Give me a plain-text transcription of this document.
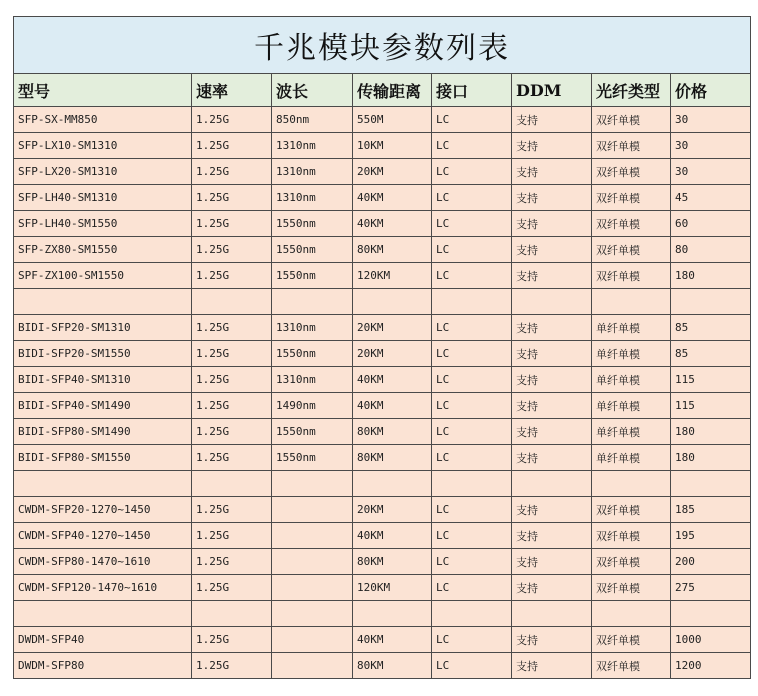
千兆模块参数列表							
型号	速率	波长	传输距离	接口	DDM	光纤类型	价格
SFP-SX-MM850	1.25G	850nm	550M	LC	支持	双纤单模	30
SFP-LX10-SM1310	1.25G	1310nm	10KM	LC	支持	双纤单模	30
SFP-LX20-SM1310	1.25G	1310nm	20KM	LC	支持	双纤单模	30
SFP-LH40-SM1310	1.25G	1310nm	40KM	LC	支持	双纤单模	45
SFP-LH40-SM1550	1.25G	1550nm	40KM	LC	支持	双纤单模	60
SFP-ZX80-SM1550	1.25G	1550nm	80KM	LC	支持	双纤单模	80
SPF-ZX100-SM1550	1.25G	1550nm	120KM	LC	支持	双纤单模	180

BIDI-SFP20-SM1310	1.25G	1310nm	20KM	LC	支持	单纤单模	85
BIDI-SFP20-SM1550	1.25G	1550nm	20KM	LC	支持	单纤单模	85
BIDI-SFP40-SM1310	1.25G	1310nm	40KM	LC	支持	单纤单模	115
BIDI-SFP40-SM1490	1.25G	1490nm	40KM	LC	支持	单纤单模	115
BIDI-SFP80-SM1490	1.25G	1550nm	80KM	LC	支持	单纤单模	180
BIDI-SFP80-SM1550	1.25G	1550nm	80KM	LC	支持	单纤单模	180

CWDM-SFP20-1270~1450	1.25G		20KM	LC	支持	双纤单模	185
CWDM-SFP40-1270~1450	1.25G		40KM	LC	支持	双纤单模	195
CWDM-SFP80-1470~1610	1.25G		80KM	LC	支持	双纤单模	200
CWDM-SFP120-1470~1610	1.25G		120KM	LC	支持	双纤单模	275

DWDM-SFP40	1.25G		40KM	LC	支持	双纤单模	1000
DWDM-SFP80	1.25G		80KM	LC	支持	双纤单模	1200
